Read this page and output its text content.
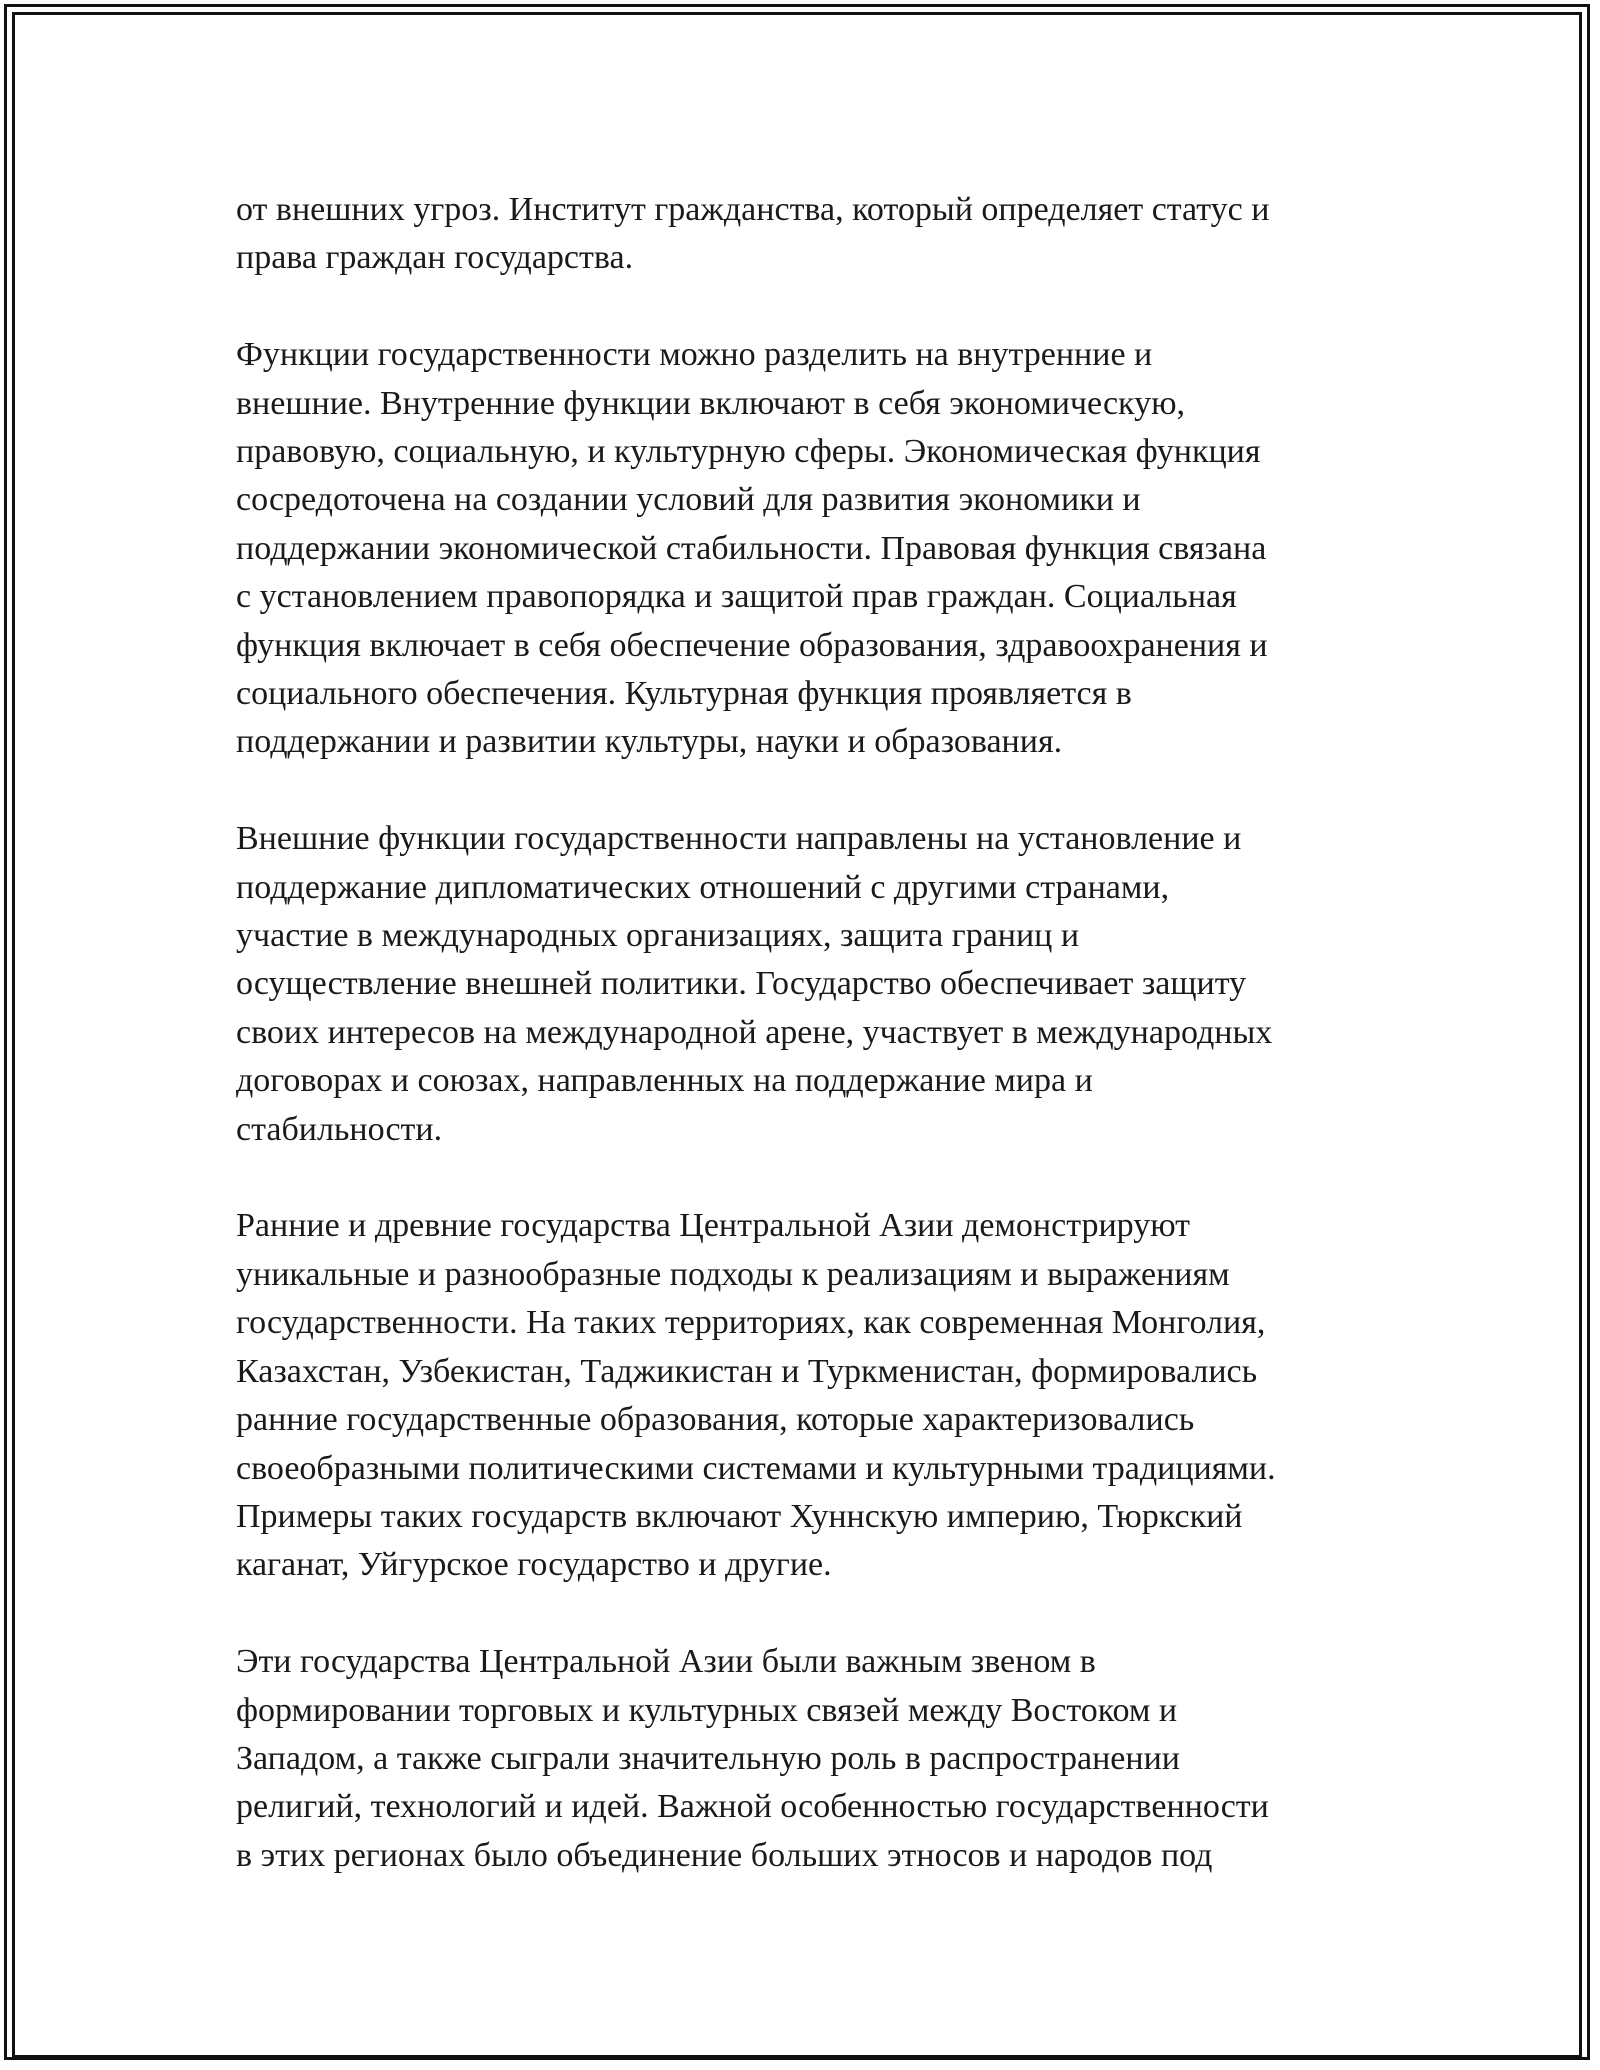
от внешних угроз. Институт гражданства, который определяет статус и
права граждан государства.

Функции государственности можно разделить на внутренние и
внешние. Внутренние функции включают в себя экономическую,
правовую, социальную, и культурную сферы. Экономическая функция
сосредоточена на создании условий для развития экономики и
поддержании экономической стабильности. Правовая функция связана
с установлением правопорядка и защитой прав граждан. Социальная
функция включает в себя обеспечение образования, здравоохранения и
социального обеспечения. Культурная функция проявляется в
поддержании и развитии культуры, науки и образования.

Внешние функции государственности направлены на установление и
поддержание дипломатических отношений с другими странами,
участие в международных организациях, защита границ и
осуществление внешней политики. Государство обеспечивает защиту
своих интересов на международной арене, участвует в международных
договорах и союзах, направленных на поддержание мира и
стабильности.

Ранние и древние государства Центральной Азии демонстрируют
уникальные и разнообразные подходы к реализациям и выражениям
государственности. На таких территориях, как современная Монголия,
Казахстан, Узбекистан, Таджикистан и Туркменистан, формировались
ранние государственные образования, которые характеризовались
своеобразными политическими системами и культурными традициями.
Примеры таких государств включают Хуннскую империю, Тюркский
каганат, Уйгурское государство и другие.

Эти государства Центральной Азии были важным звеном в
формировании торговых и культурных связей между Востоком и
Западом, а также сыграли значительную роль в распространении
религий, технологий и идей. Важной особенностью государственности
в этих регионах было объединение больших этносов и народов под
